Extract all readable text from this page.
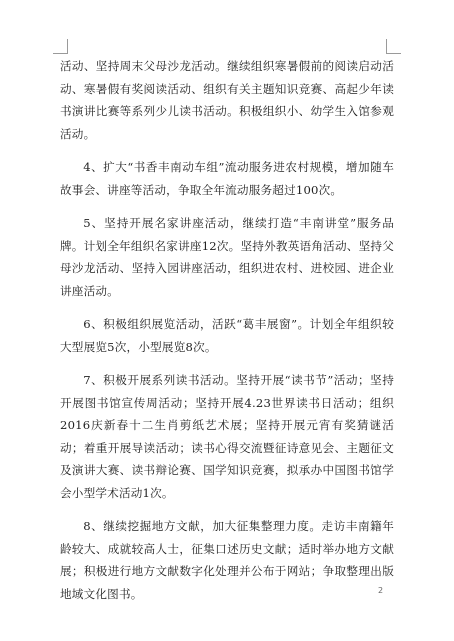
活动、坚持周末父母沙龙活动。继续组织寒暑假前的阅读启动活动、寒暑假有奖阅读活动、组织有关主题知识竞赛、高起少年读书演讲比赛等系列少儿读书活动。积极组织小、幼学生入馆参观活动。

4、扩大“书香丰南动车组”流动服务进农村规模，增加随车故事会、讲座等活动，争取全年流动服务超过100次。

5、坚持开展名家讲座活动，继续打造“丰南讲堂”服务品牌。计划全年组织名家讲座12次。坚持外教英语角活动、坚持父母沙龙活动、坚持入园讲座活动，组织进农村、进校园、进企业讲座活动。

6、积极组织展览活动，活跃“葛丰展窗”。计划全年组织较大型展览5次，小型展览8次。

7、积极开展系列读书活动。坚持开展“读书节”活动；坚持开展图书馆宣传周活动；坚持开展4.23世界读书日活动；组织2016庆新春十二生肖剪纸艺术展；坚持开展元宵有奖猜谜活动；着重开展导读活动；读书心得交流暨征诗意见会、主题征文及演讲大赛、读书辩论赛、国学知识竞赛，拟承办中国图书馆学会小型学术活动1次。

8、继续挖掘地方文献，加大征集整理力度。走访丰南籍年龄较大、成就较高人士，征集口述历史文献；适时举办地方文献展；积极进行地方文献数字化处理并公布于网站；争取整理出版地域文化图书。	2
